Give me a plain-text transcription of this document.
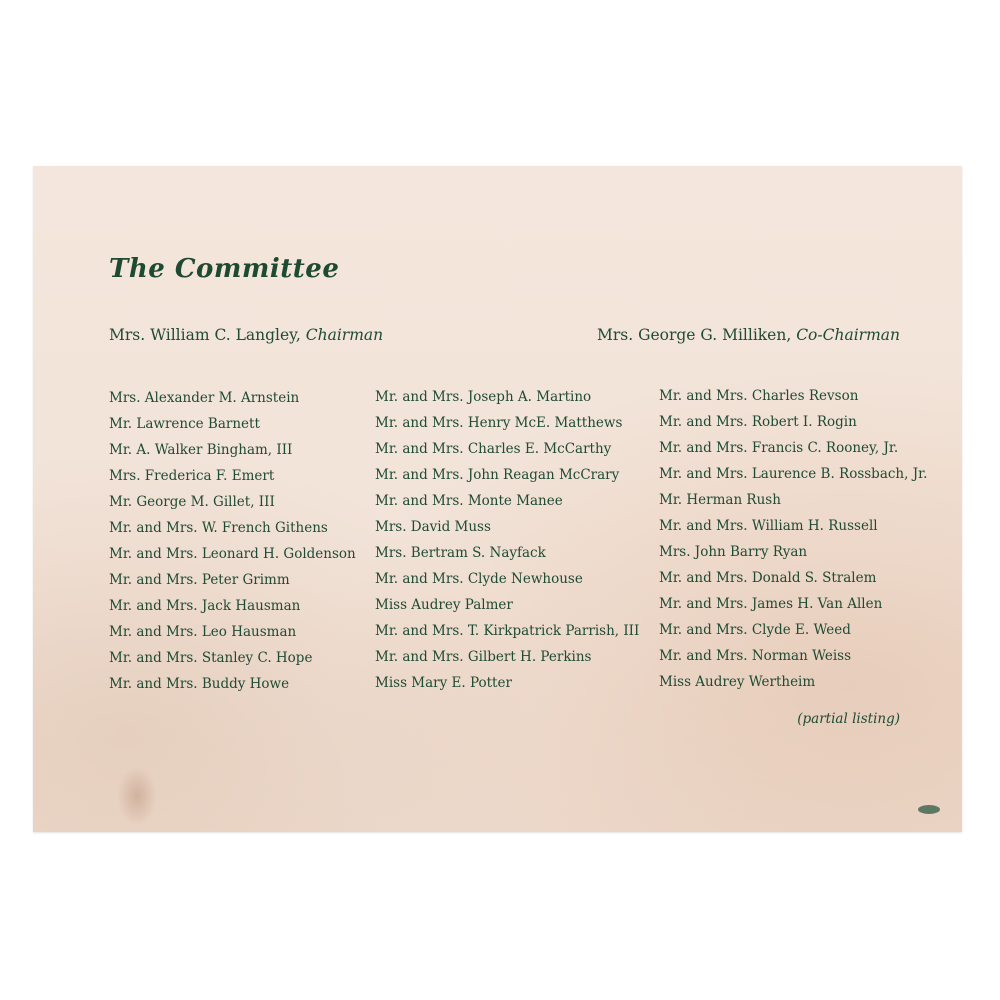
The Committee
Mrs. William C. Langley, Chairman	Mrs. George G. Milliken, Co-Chairman
Mrs. Alexander M. Arnstein
Mr. Lawrence Barnett
Mr. A. Walker Bingham, III
Mrs. Frederica F. Emert
Mr. George M. Gillet, III
Mr. and Mrs. W. French Githens
Mr. and Mrs. Leonard H. Goldenson
Mr. and Mrs. Peter Grimm
Mr. and Mrs. Jack Hausman
Mr. and Mrs. Leo Hausman
Mr. and Mrs. Stanley C. Hope
Mr. and Mrs. Buddy Howe
Mr. and Mrs. Joseph A. Martino
Mr. and Mrs. Henry McE. Matthews
Mr. and Mrs. Charles E. McCarthy
Mr. and Mrs. John Reagan McCrary
Mr. and Mrs. Monte Manee
Mrs. David Muss
Mrs. Bertram S. Nayfack
Mr. and Mrs. Clyde Newhouse
Miss Audrey Palmer
Mr. and Mrs. T. Kirkpatrick Parrish, III
Mr. and Mrs. Gilbert H. Perkins
Miss Mary E. Potter
Mr. and Mrs. Charles Revson
Mr. and Mrs. Robert I. Rogin
Mr. and Mrs. Francis C. Rooney, Jr.
Mr. and Mrs. Laurence B. Rossbach, Jr.
Mr. Herman Rush
Mr. and Mrs. William H. Russell
Mrs. John Barry Ryan
Mr. and Mrs. Donald S. Stralem
Mr. and Mrs. James H. Van Allen
Mr. and Mrs. Clyde E. Weed
Mr. and Mrs. Norman Weiss
Miss Audrey Wertheim
(partial listing)
